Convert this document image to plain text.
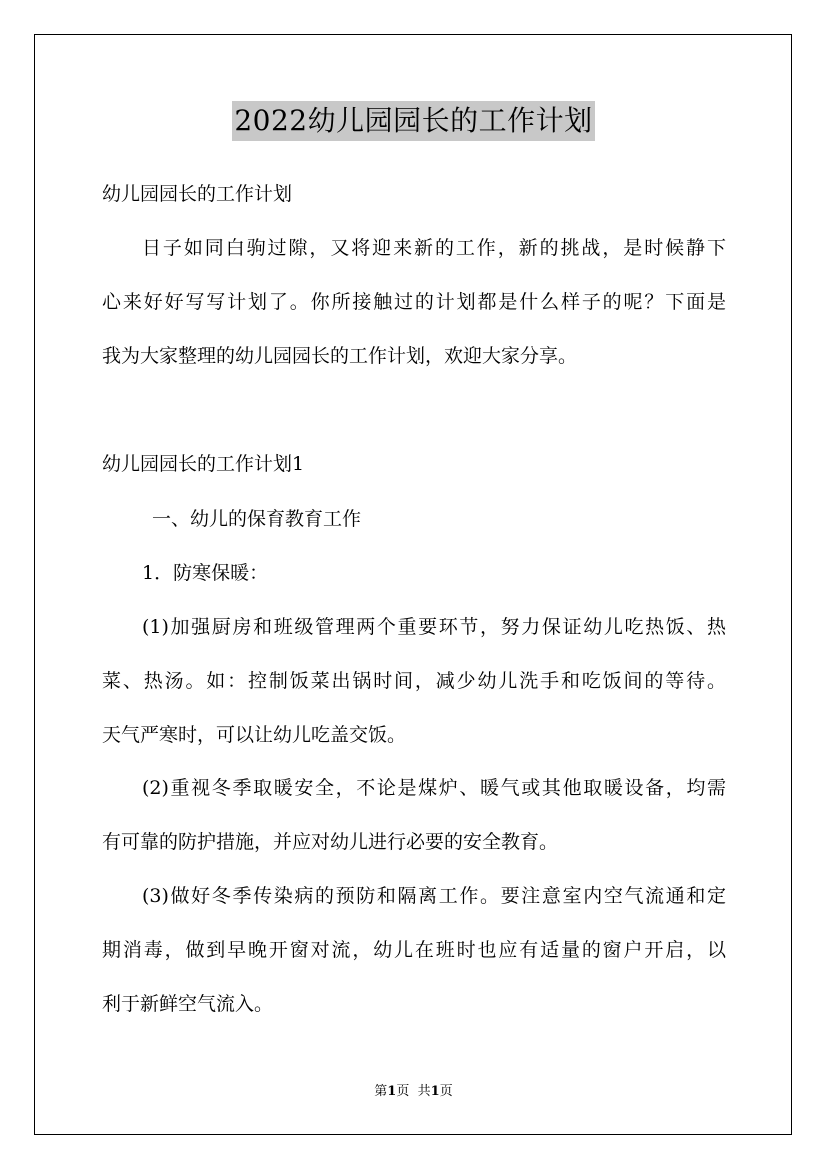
2022幼儿园园长的工作计划
幼儿园园长的工作计划
日子如同白驹过隙，又将迎来新的工作，新的挑战，是时候静下
心来好好写写计划了。你所接触过的计划都是什么样子的呢？下面是
我为大家整理的幼儿园园长的工作计划，欢迎大家分享。
幼儿园园长的工作计划1
一、幼儿的保育教育工作
1．防寒保暖：
(1)加强厨房和班级管理两个重要环节，努力保证幼儿吃热饭、热
菜、热汤。如：控制饭菜出锅时间，减少幼儿洗手和吃饭间的等待。
天气严寒时，可以让幼儿吃盖交饭。
(2)重视冬季取暖安全，不论是煤炉、暖气或其他取暖设备，均需
有可靠的防护措施，并应对幼儿进行必要的安全教育。
(3)做好冬季传染病的预防和隔离工作。要注意室内空气流通和定
期消毒，做到早晚开窗对流，幼儿在班时也应有适量的窗户开启，以
利于新鲜空气流入。
第1页 共1页
